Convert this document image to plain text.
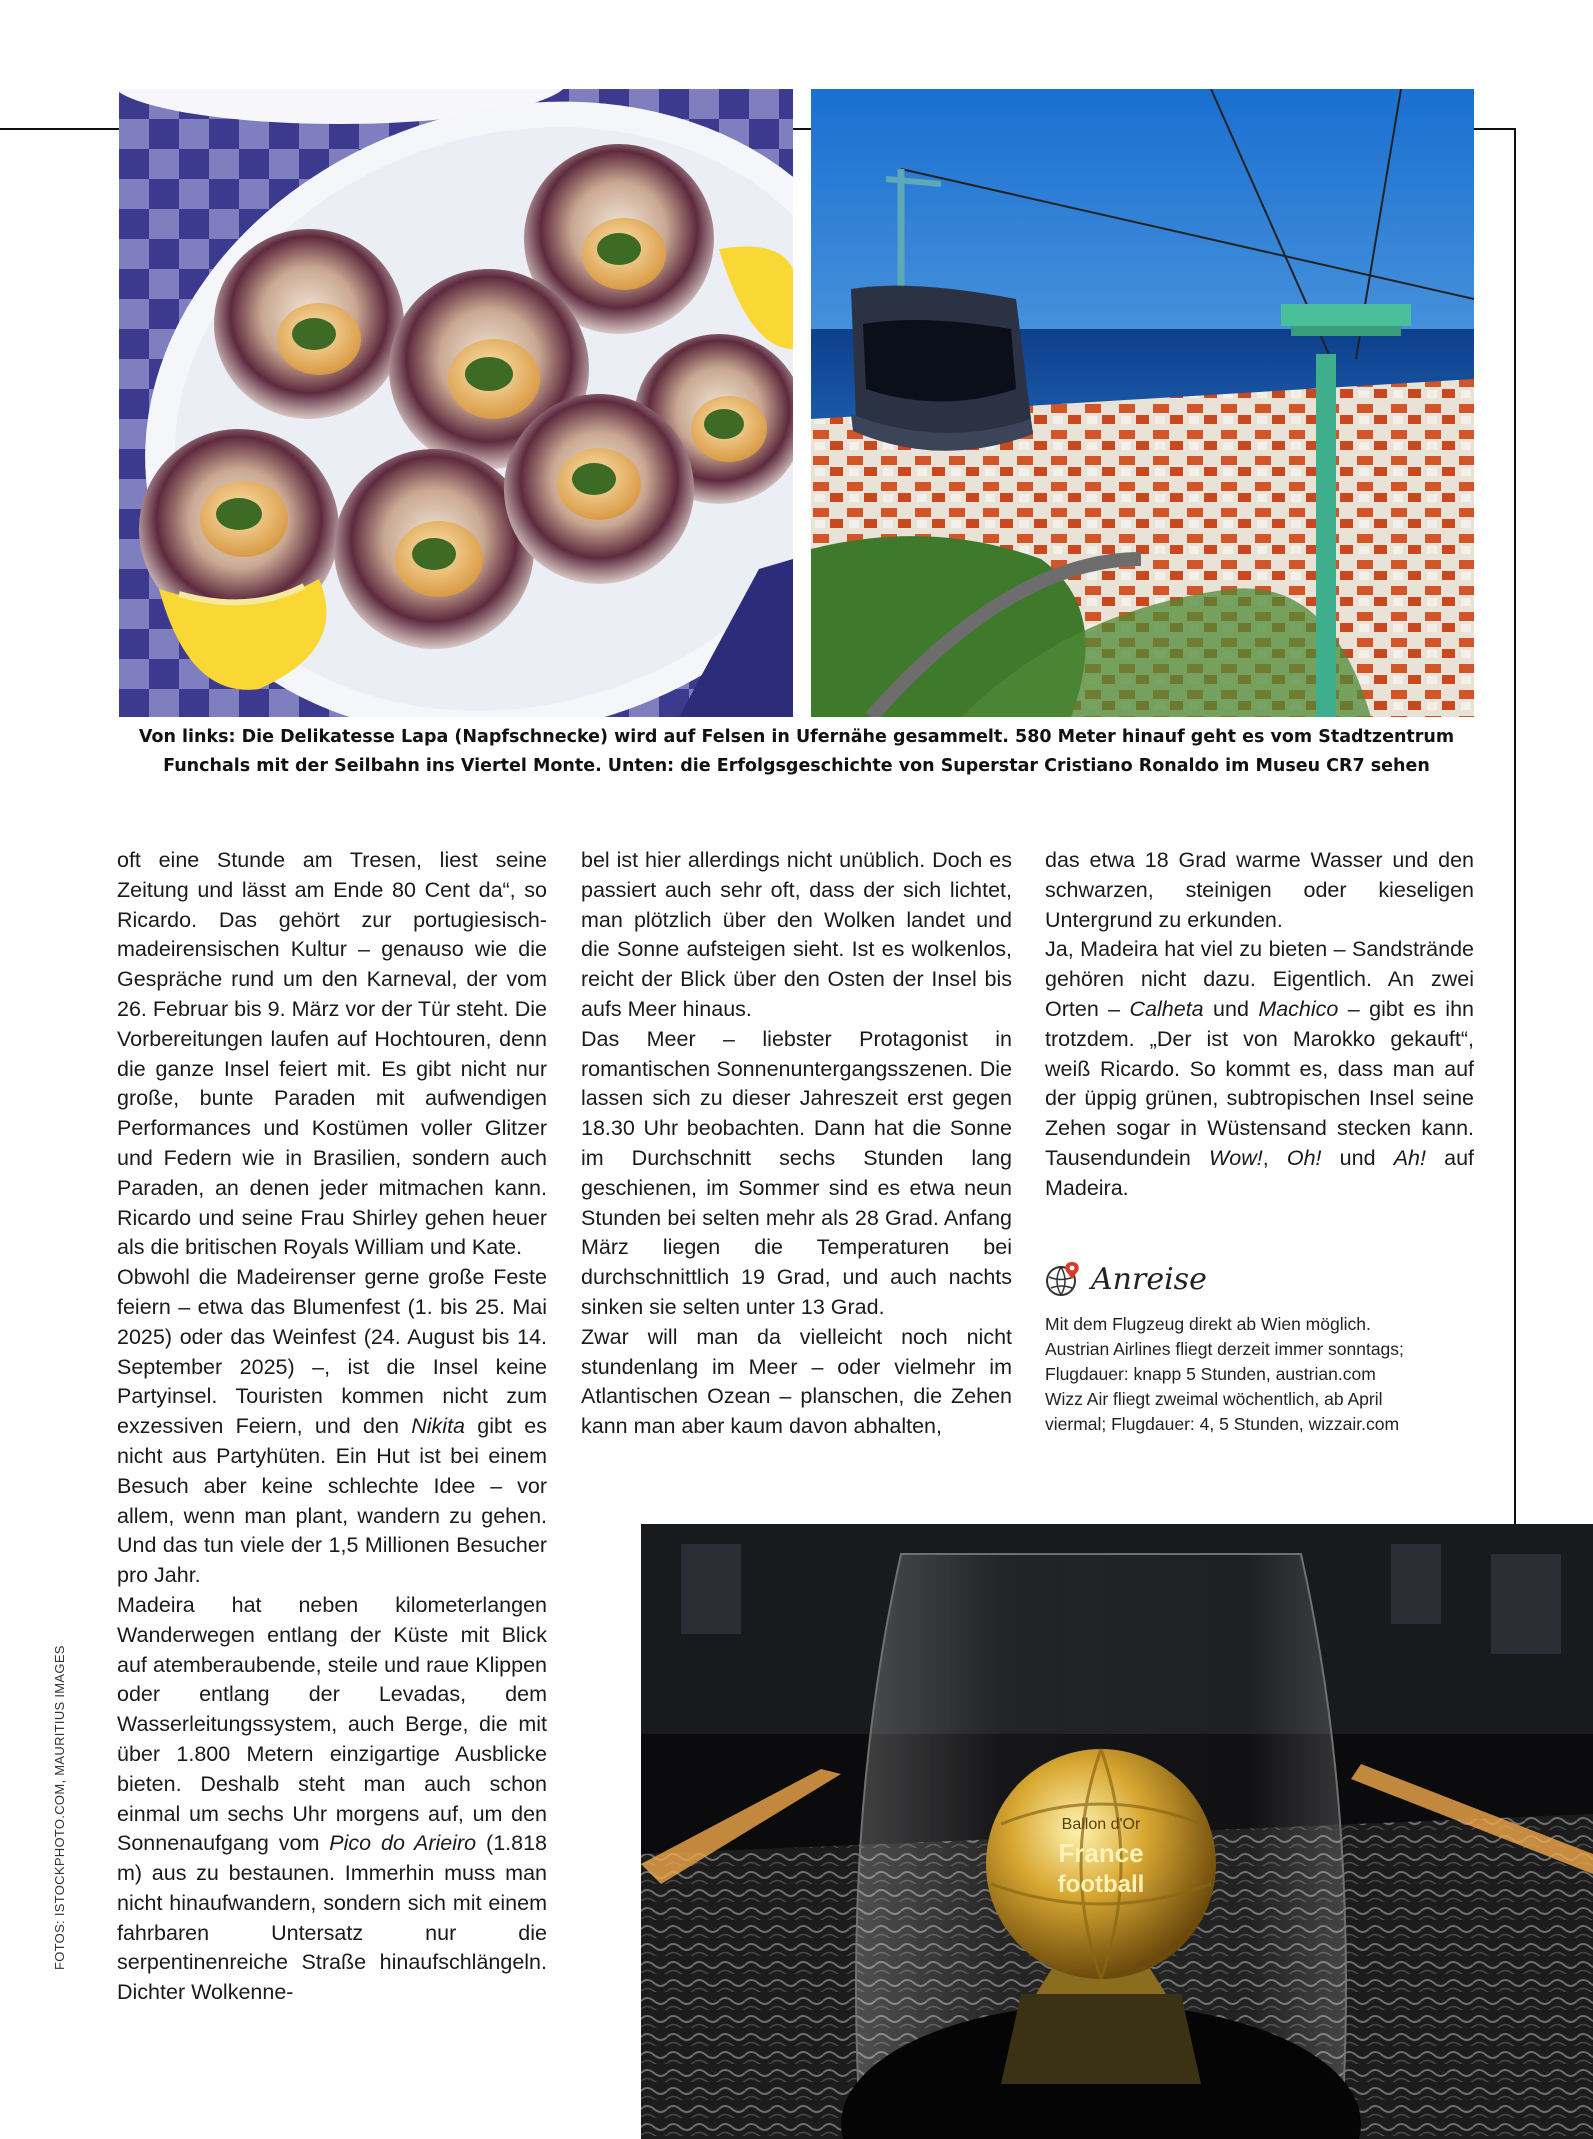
Von links: Die Delikatesse Lapa (Napfschnecke) wird auf Felsen in Ufernähe gesammelt. 580 Meter hinauf geht es vom Stadtzentrum
Funchals mit der Seilbahn ins Viertel Monte. Unten: die Erfolgsgeschichte von Superstar Cristiano Ronaldo im Museu CR7 sehen

oft eine Stunde am Tresen, liest seine Zeitung und lässt am Ende 80 Cent da“, so Ricardo. Das gehört zur portugiesisch-madeirensischen Kultur – genauso wie die Gespräche rund um den Karneval, der vom 26. Februar bis 9. März vor der Tür steht. Die Vorbereitungen laufen auf Hochtouren, denn die ganze Insel feiert mit. Es gibt nicht nur große, bunte Paraden mit aufwendigen Performances und Kostümen voller Glitzer und Federn wie in Brasilien, sondern auch Paraden, an denen jeder mitmachen kann. Ricardo und seine Frau Shirley gehen heuer als die britischen Royals William und Kate.

Obwohl die Madeirenser gerne große Feste feiern – etwa das Blumenfest (1. bis 25. Mai 2025) oder das Weinfest (24. August bis 14. September 2025) –, ist die Insel keine Partyinsel. Touristen kommen nicht zum exzessiven Feiern, und den Nikita gibt es nicht aus Partyhüten. Ein Hut ist bei einem Besuch aber keine schlechte Idee – vor allem, wenn man plant, wandern zu gehen. Und das tun viele der 1,5 Millionen Besucher pro Jahr.

Madeira hat neben kilometerlangen Wanderwegen entlang der Küste mit Blick auf atemberaubende, steile und raue Klippen oder entlang der Levadas, dem Wasserleitungssystem, auch Berge, die mit über 1.800 Metern einzigartige Ausblicke bieten. Deshalb steht man auch schon einmal um sechs Uhr morgens auf, um den Sonnenaufgang vom Pico do Arieiro (1.818 m) aus zu bestaunen. Immerhin muss man nicht hinaufwandern, sondern sich mit einem fahrbaren Untersatz nur die serpentinenreiche Straße hinaufschlängeln. Dichter Wolkenne-

bel ist hier allerdings nicht unüblich. Doch es passiert auch sehr oft, dass der sich lichtet, man plötzlich über den Wolken landet und die Sonne aufsteigen sieht. Ist es wolkenlos, reicht der Blick über den Osten der Insel bis aufs Meer hinaus.

Das Meer – liebster Protagonist in romantischen Sonnenuntergangsszenen. Die lassen sich zu dieser Jahreszeit erst gegen 18.30 Uhr beobachten. Dann hat die Sonne im Durchschnitt sechs Stunden lang geschienen, im Sommer sind es etwa neun Stunden bei selten mehr als 28 Grad. Anfang März liegen die Temperaturen bei durchschnittlich 19 Grad, und auch nachts sinken sie selten unter 13 Grad.

Zwar will man da vielleicht noch nicht stundenlang im Meer – oder vielmehr im Atlantischen Ozean – planschen, die Zehen kann man aber kaum davon abhalten,

das etwa 18 Grad warme Wasser und den schwarzen, steinigen oder kieseligen Untergrund zu erkunden.

Ja, Madeira hat viel zu bieten – Sandstrände gehören nicht dazu. Eigentlich. An zwei Orten – Calheta und Machico – gibt es ihn trotzdem. „Der ist von Marokko gekauft“, weiß Ricardo. So kommt es, dass man auf der üppig grünen, subtropischen Insel seine Zehen sogar in Wüstensand stecken kann. Tausendundein Wow!, Oh! und Ah! auf Madeira.

Anreise
Mit dem Flugzeug direkt ab Wien möglich.
Austrian Airlines fliegt derzeit immer sonntags;
Flugdauer: knapp 5 Stunden, austrian.com
Wizz Air fliegt zweimal wöchentlich, ab April
viermal; Flugdauer: 4, 5 Stunden, wizzair.com
FOTOS: ISTOCKPHOTO.COM, MAURITIUS IMAGES	Ballon d'Or
France
football
